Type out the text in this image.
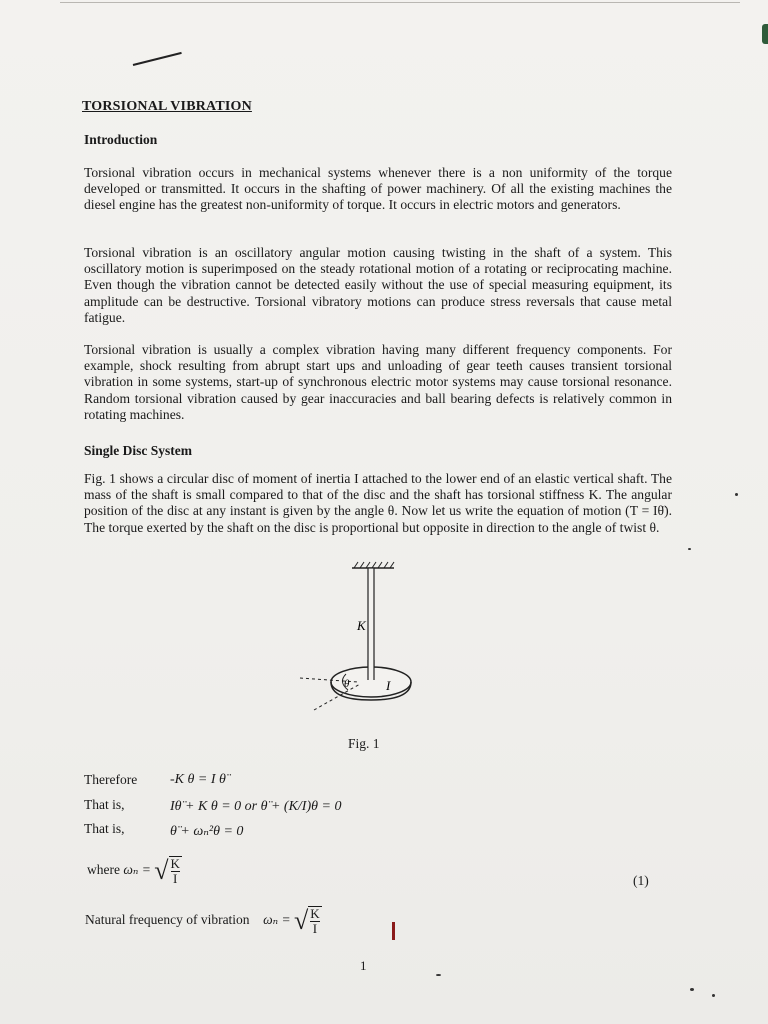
TORSIONAL VIBRATION
Introduction
Torsional vibration occurs in mechanical systems whenever there is a non uniformity of the torque developed or transmitted. It occurs in the shafting of power machinery. Of all the existing machines the diesel engine has the greatest non-uniformity of torque. It occurs in electric motors and generators.
Torsional vibration is an oscillatory angular motion causing twisting in the shaft of a system. This oscillatory motion is superimposed on the steady rotational motion of a rotating or reciprocating machine. Even though the vibration cannot be detected easily without the use of special measuring equipment, its amplitude can be destructive. Torsional vibratory motions can produce stress reversals that cause metal fatigue.
Torsional vibration is usually a complex vibration having many different frequency components. For example, shock resulting from abrupt start ups and unloading of gear teeth causes transient torsional vibration in some systems, start-up of synchronous electric motor systems may cause torsional resonance. Random torsional vibration caused by gear inaccuracies and ball bearing defects is relatively common in rotating machines.
Single Disc System
Fig. 1 shows a circular disc of moment of inertia I attached to the lower end of an elastic vertical shaft. The mass of the shaft is small compared to that of the disc and the shaft has torsional stiffness K. The angular position of the disc at any instant is given by the angle θ. Now let us write the equation of motion (T = Iθ̈). The torque exerted by the shaft on the disc is proportional but opposite in direction to the angle of twist θ.
K
θ	I
Fig. 1
Therefore -K θ = I θ̈
That is,	Iθ̈ + K θ = 0 or θ̈ + (K/I)θ = 0
That is,	θ̈ + ωₙ²θ = 0
where ωₙ = √ $\frac{K}{I}$	(1)
Natural frequency of vibration ωₙ = √ $\frac{K}{I}$
1
